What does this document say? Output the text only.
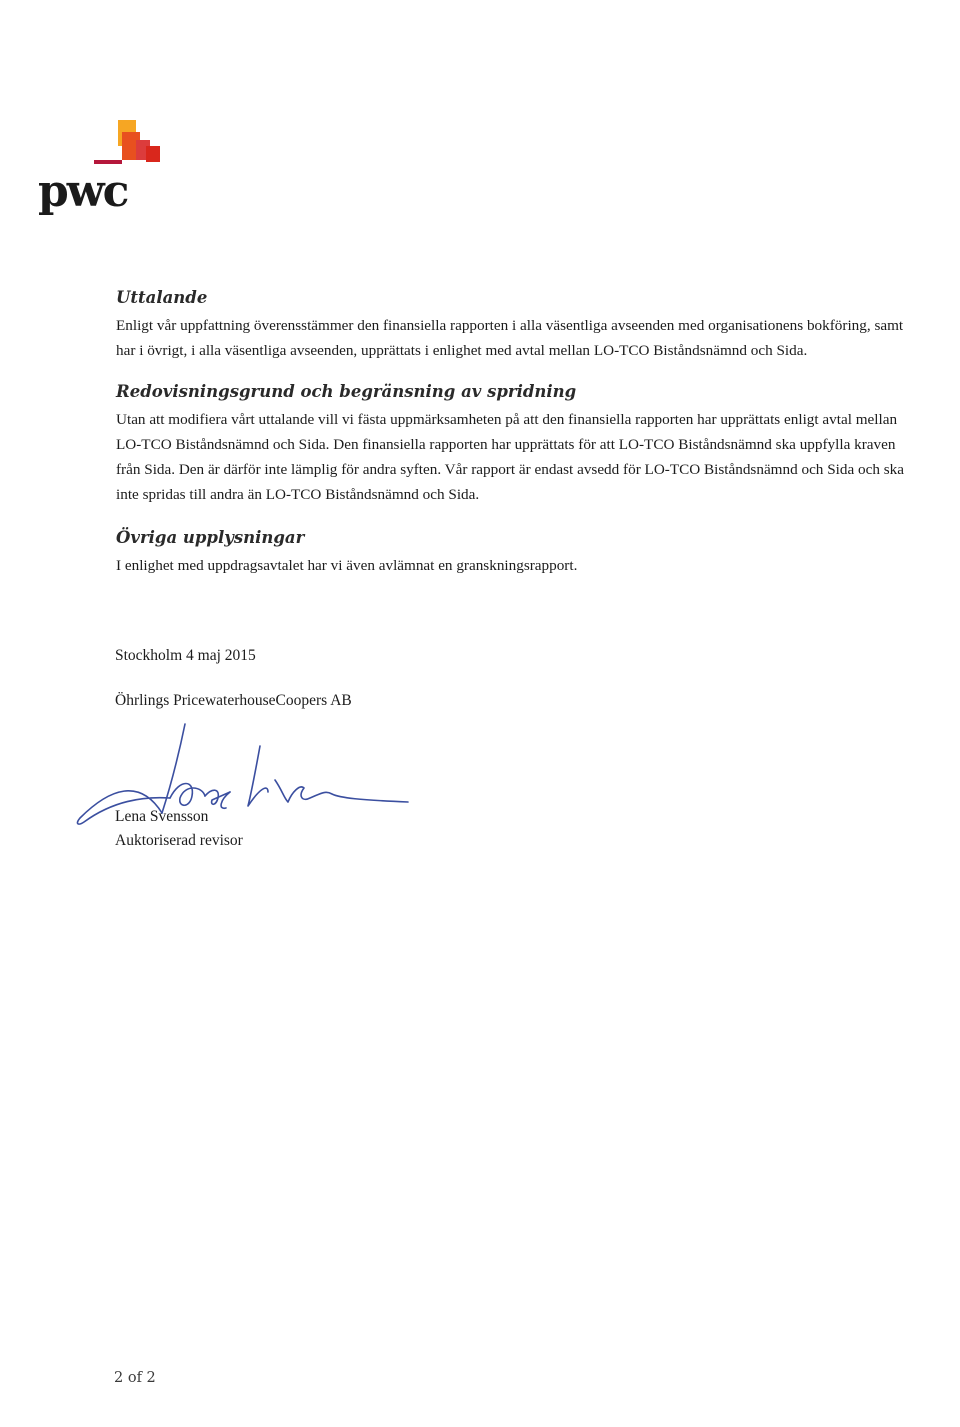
pwc
Uttalande

Enligt vår uppfattning överensstämmer den finansiella rapporten i alla väsentliga avseenden med organisationens bokföring, samt har i övrigt, i alla väsentliga avseenden, upprättats i enlighet med avtal mellan LO-TCO Biståndsnämnd och Sida.

Redovisningsgrund och begränsning av spridning

Utan att modifiera vårt uttalande vill vi fästa uppmärksamheten på att den finansiella rapporten har upprättats enligt avtal mellan LO-TCO Biståndsnämnd och Sida. Den finansiella rapporten har upprättats för att LO-TCO Biståndsnämnd ska uppfylla kraven från Sida. Den är därför inte lämplig för andra syften. Vår rapport är endast avsedd för LO-TCO Biståndsnämnd och Sida och ska inte spridas till andra än LO-TCO Biståndsnämnd och Sida.

Övriga upplysningar

I enlighet med uppdragsavtalet har vi även avlämnat en granskningsrapport.

Stockholm 4 maj 2015
Öhrlings PricewaterhouseCoopers AB
Lena Svensson
Auktoriserad revisor
2 of 2
